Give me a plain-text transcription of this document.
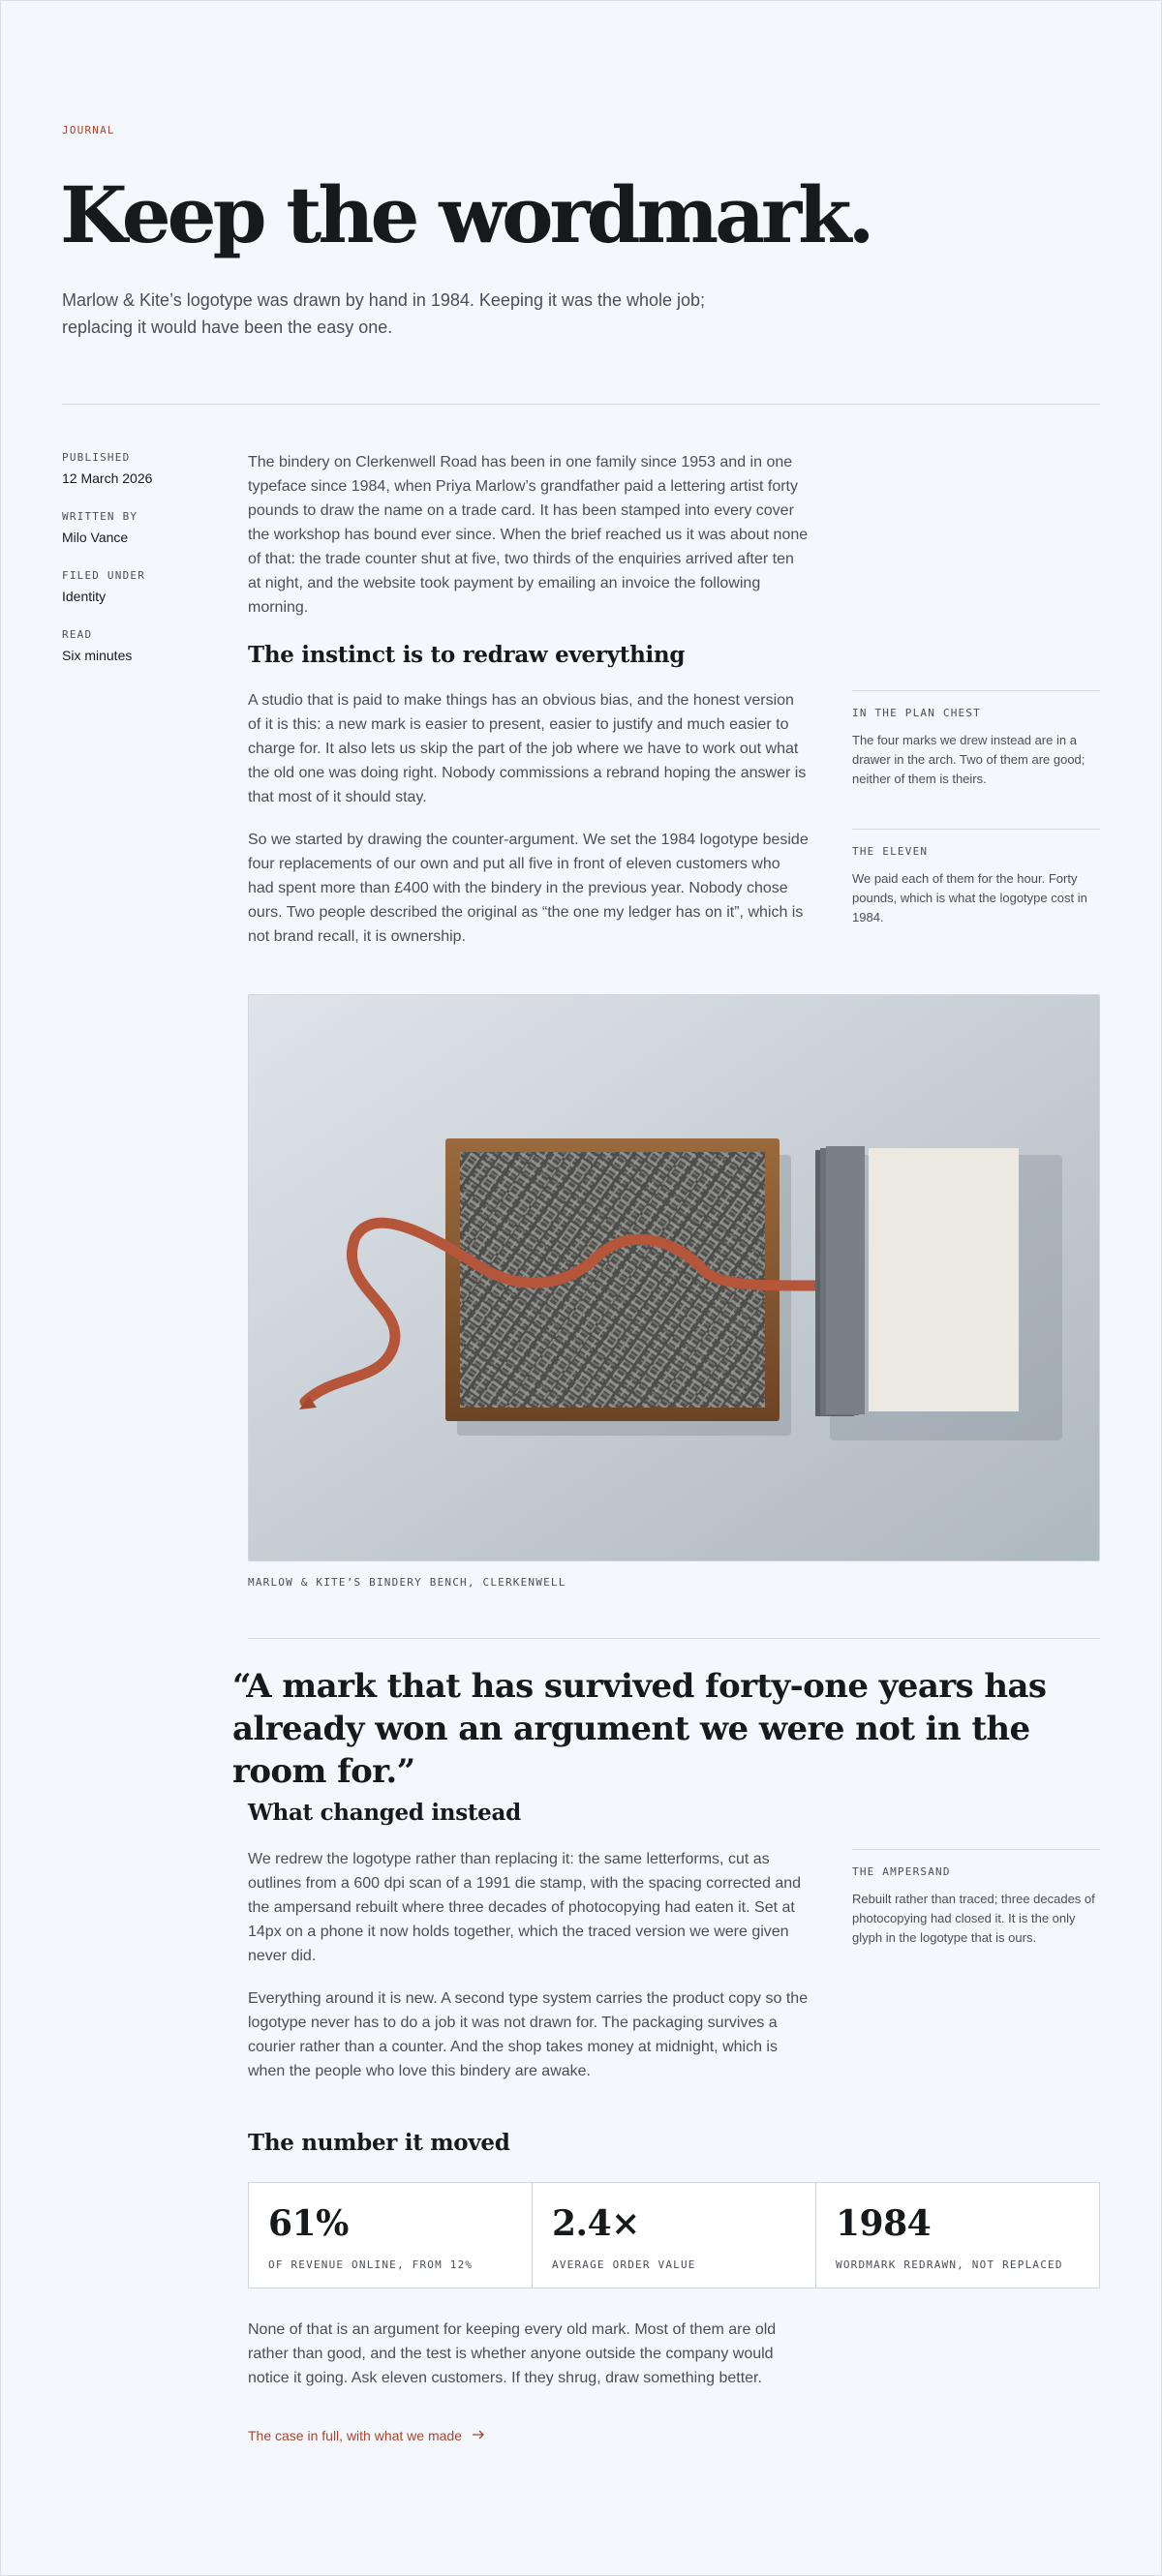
JOURNAL
Keep the wordmark.

Marlow & Kite’s logotype was drawn by hand in 1984. Keeping it was the whole job; replacing it would have been the easy one.

PUBLISHED
12 March 2026
WRITTEN BY
Milo Vance
FILED UNDER
Identity
READ
Six minutes

The bindery on Clerkenwell Road has been in one family since 1953 and in one typeface since 1984, when Priya Marlow’s grandfather paid a lettering artist forty pounds to draw the name on a trade card. It has been stamped into every cover the workshop has bound ever since. When the brief reached us it was about none of that: the trade counter shut at five, two thirds of the enquiries arrived after ten at night, and the website took payment by emailing an invoice the following morning.

The instinct is to redraw everything

A studio that is paid to make things has an obvious bias, and the honest version of it is this: a new mark is easier to present, easier to justify and much easier to charge for. It also lets us skip the part of the job where we have to work out what the old one was doing right. Nobody commissions a rebrand hoping the answer is that most of it should stay.

So we started by drawing the counter-argument. We set the 1984 logotype beside four replacements of our own and put all five in front of eleven customers who had spent more than £400 with the bindery in the previous year. Nobody chose ours. Two people described the original as “the one my ledger has on it”, which is not brand recall, it is ownership.

IN THE PLAN CHEST
The four marks we drew instead are in a drawer in the arch. Two of them are good; neither of them is theirs.
THE ELEVEN
We paid each of them for the hour. Forty pounds, which is what the logotype cost in 1984.
MARLOW & KITE’S BINDERY BENCH, CLERKENWELL
“A mark that has survived forty-one years has already won an argument we were not in the room for.”
What changed instead

We redrew the logotype rather than replacing it: the same letterforms, cut as outlines from a 600 dpi scan of a 1991 die stamp, with the spacing corrected and the ampersand rebuilt where three decades of photocopying had eaten it. Set at 14px on a phone it now holds together, which the traced version we were given never did.

Everything around it is new. A second type system carries the product copy so the logotype never has to do a job it was not drawn for. The packaging survives a courier rather than a counter. And the shop takes money at midnight, which is when the people who love this bindery are awake.

THE AMPERSAND
Rebuilt rather than traced; three decades of photocopying had closed it. It is the only glyph in the logotype that is ours.
The number it moved
61%
OF REVENUE ONLINE, FROM 12%
2.4×
AVERAGE ORDER VALUE
1984
WORDMARK REDRAWN, NOT REPLACED

None of that is an argument for keeping every old mark. Most of them are old rather than good, and the test is whether anyone outside the company would notice it going. Ask eleven customers. If they shrug, draw something better.

The case in full, with what we made
